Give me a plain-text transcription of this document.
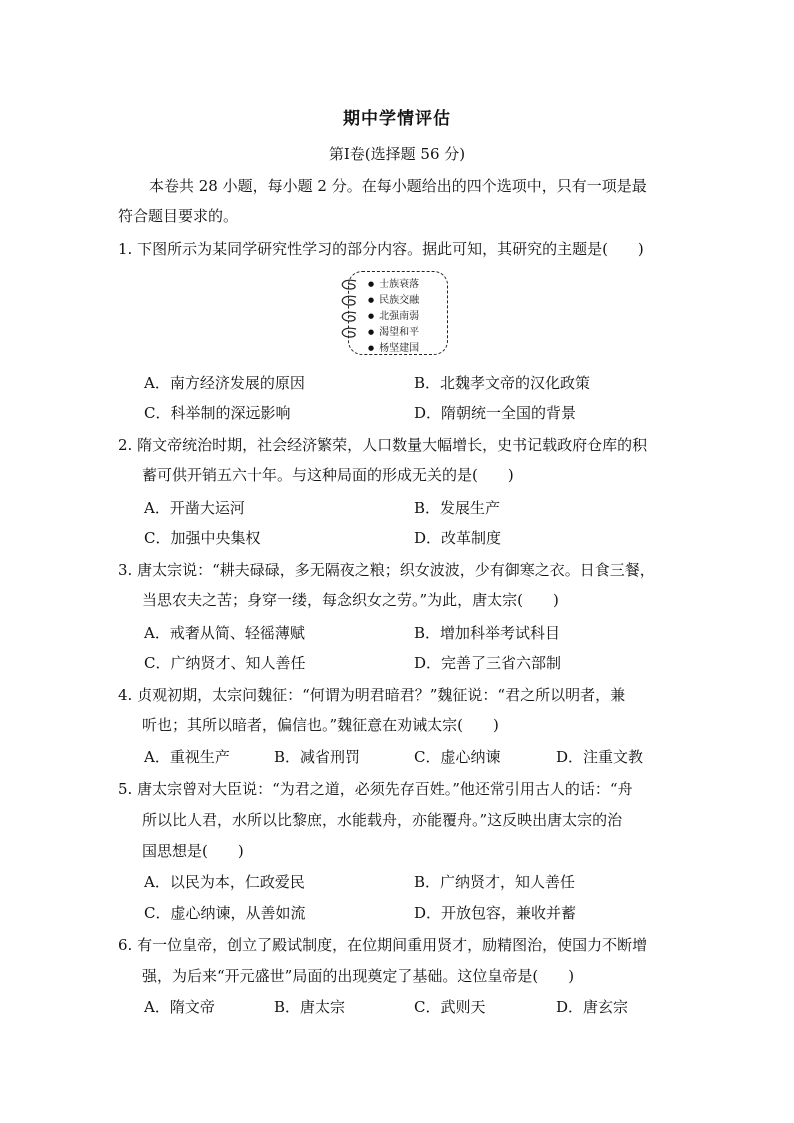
期中学情评估
第Ⅰ卷(选择题 56 分)
本卷共 28 小题，每小题 2 分。在每小题给出的四个选项中，只有一项是最
符合题目要求的。
1. 下图所示为某同学研究性学习的部分内容。据此可知，其研究的主题是(　　)
● 士族衰落
● 民族交融
● 北强南弱
● 渴望和平
● 杨坚建国
A．南方经济发展的原因	B．北魏孝文帝的汉化政策
C．科举制的深远影响	D．隋朝统一全国的背景
2. 隋文帝统治时期，社会经济繁荣，人口数量大幅增长，史书记载政府仓库的积
蓄可供开销五六十年。与这种局面的形成无关的是(　　)
A．开凿大运河	B．发展生产
C．加强中央集权	D．改革制度
3. 唐太宗说：“耕夫碌碌，多无隔夜之粮；织女波波，少有御寒之衣。日食三餐，
当思农夫之苦；身穿一缕，每念织女之劳。”为此，唐太宗(　　)
A．戒奢从简、轻徭薄赋	B．增加科举考试科目
C．广纳贤才、知人善任	D．完善了三省六部制
4. 贞观初期，太宗问魏征：“何谓为明君暗君？”魏征说：“君之所以明者，兼
听也；其所以暗者，偏信也。”魏征意在劝诫太宗(　　)
A．重视生产	B．减省刑罚	C．虚心纳谏	D．注重文教
5. 唐太宗曾对大臣说：“为君之道，必须先存百姓。”他还常引用古人的话：“舟
所以比人君，水所以比黎庶，水能载舟，亦能覆舟。”这反映出唐太宗的治
国思想是(　　)
A．以民为本，仁政爱民	B．广纳贤才，知人善任
C．虚心纳谏，从善如流	D．开放包容，兼收并蓄
6. 有一位皇帝，创立了殿试制度，在位期间重用贤才，励精图治，使国力不断增
强，为后来“开元盛世”局面的出现奠定了基础。这位皇帝是(　　)
A．隋文帝	B．唐太宗	C．武则天	D．唐玄宗
